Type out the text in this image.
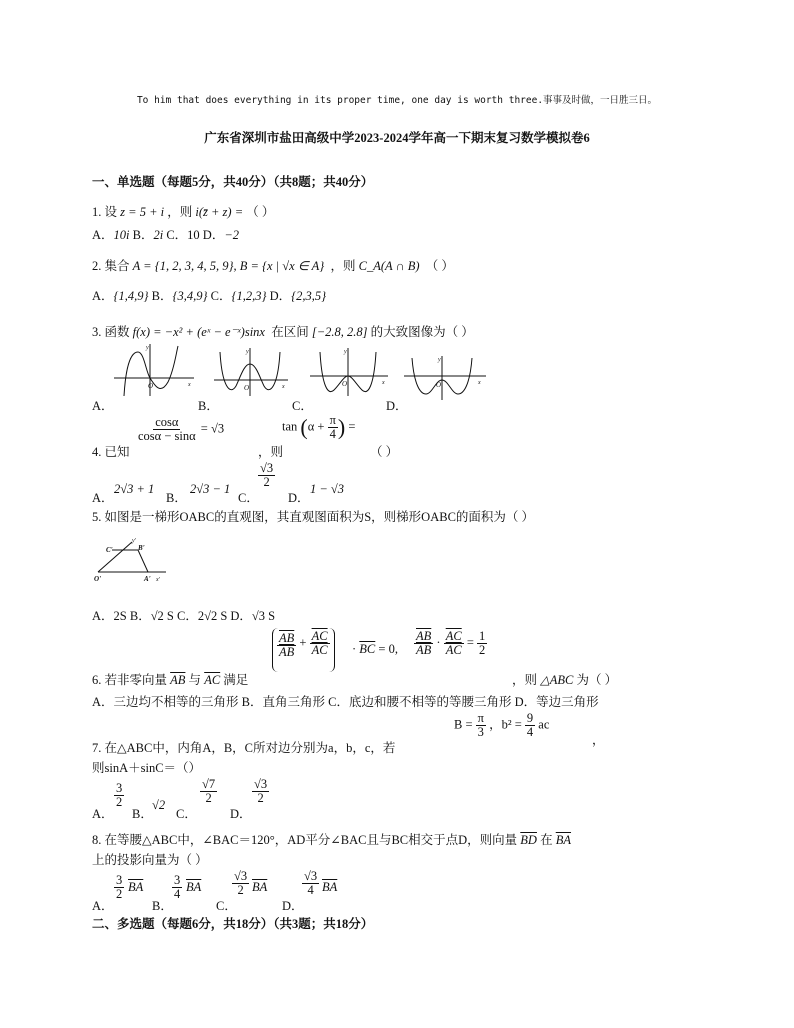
To him that does everything in its proper time, one day is worth three.事事及时做，一日胜三日。
广东省深圳市盐田高级中学2023-2024学年高一下期末复习数学模拟卷6
一、单选题（每题5分，共40分）（共8题；共40分）
1. 设 z = 5 + i ，则 i(z̄ + z) = （ ）
A．10i B．2i C．10 D．−2
2. 集合 A = {1, 2, 3, 4, 5, 9}, B = {x | √x ∈ A} ，则 C_A(A ∩ B) （ ）
A．{1,4,9} B．{3,4,9} C．{1,2,3} D．{2,3,5}
3. 函数 f(x) = −x² + (eˣ − e⁻ˣ)sinx 在区间 [−2.8, 2.8] 的大致图像为（ ）
O
y
x	O
y
x	O
y
x	O
y
x
A．	B．	C．	D．
4. 已知
$\frac{\cos\alpha}{\cos\alpha - \sin\alpha} = √3$
，则
$\tan (\alpha + \frac{\pi}{4}$ ) =
（ ）
A．
2√3 + 1
B．
2√3 − 1
C．
$\frac{√3}{2}$
D．
1 − √3
5. 如图是一梯形OABC的直观图，其直观图面积为S，则梯形OABC的面积为（ ）
C'	B'
y'
O'	A' x'
A．2S B．√2 S C．2√2 S D．√3 S
6. 若非零向量 $\overline{AB}$ 与 $\overline{AC}$ 满足
$\frac{\overline{AB}}{AB} + \frac{\overline{AC}}{AC} \cdot \overline{BC} = 0$, $\frac{\overline{AB}}{AB} \cdot \frac{\overline{AC}}{AC} = \frac{1}{2}$
，则 △ABC 为（ ）
A．三边均不相等的三角形 B．直角三角形 C．底边和腰不相等的等腰三角形 D．等边三角形
7. 在△ABC中，内角A，B，C所对边分别为a，b，c，若
$B = \frac{\pi}{3}$ ，$b^2 = \frac{9}{4}$ ac
，
则sinA＋sinC＝（）
A．
$\frac{3}{2}$
B．
√2
C．
$\frac{√7}{2}$
D．
$\frac{√3}{2}$
8. 在等腰△ABC中，∠BAC＝120°，AD平分∠BAC且与BC相交于点D，则向量 $\overline{BD}$ 在 $\overline{BA}$
上的投影向量为（ ）
A．
$\frac{3}{2} \overline{BA}$
B．
$\frac{3}{4} \overline{BA}$
C．
$\frac{√3}{2} \overline{BA}$
D．
$\frac{√3}{4} \overline{BA}$
二、多选题（每题6分，共18分）（共3题；共18分）
